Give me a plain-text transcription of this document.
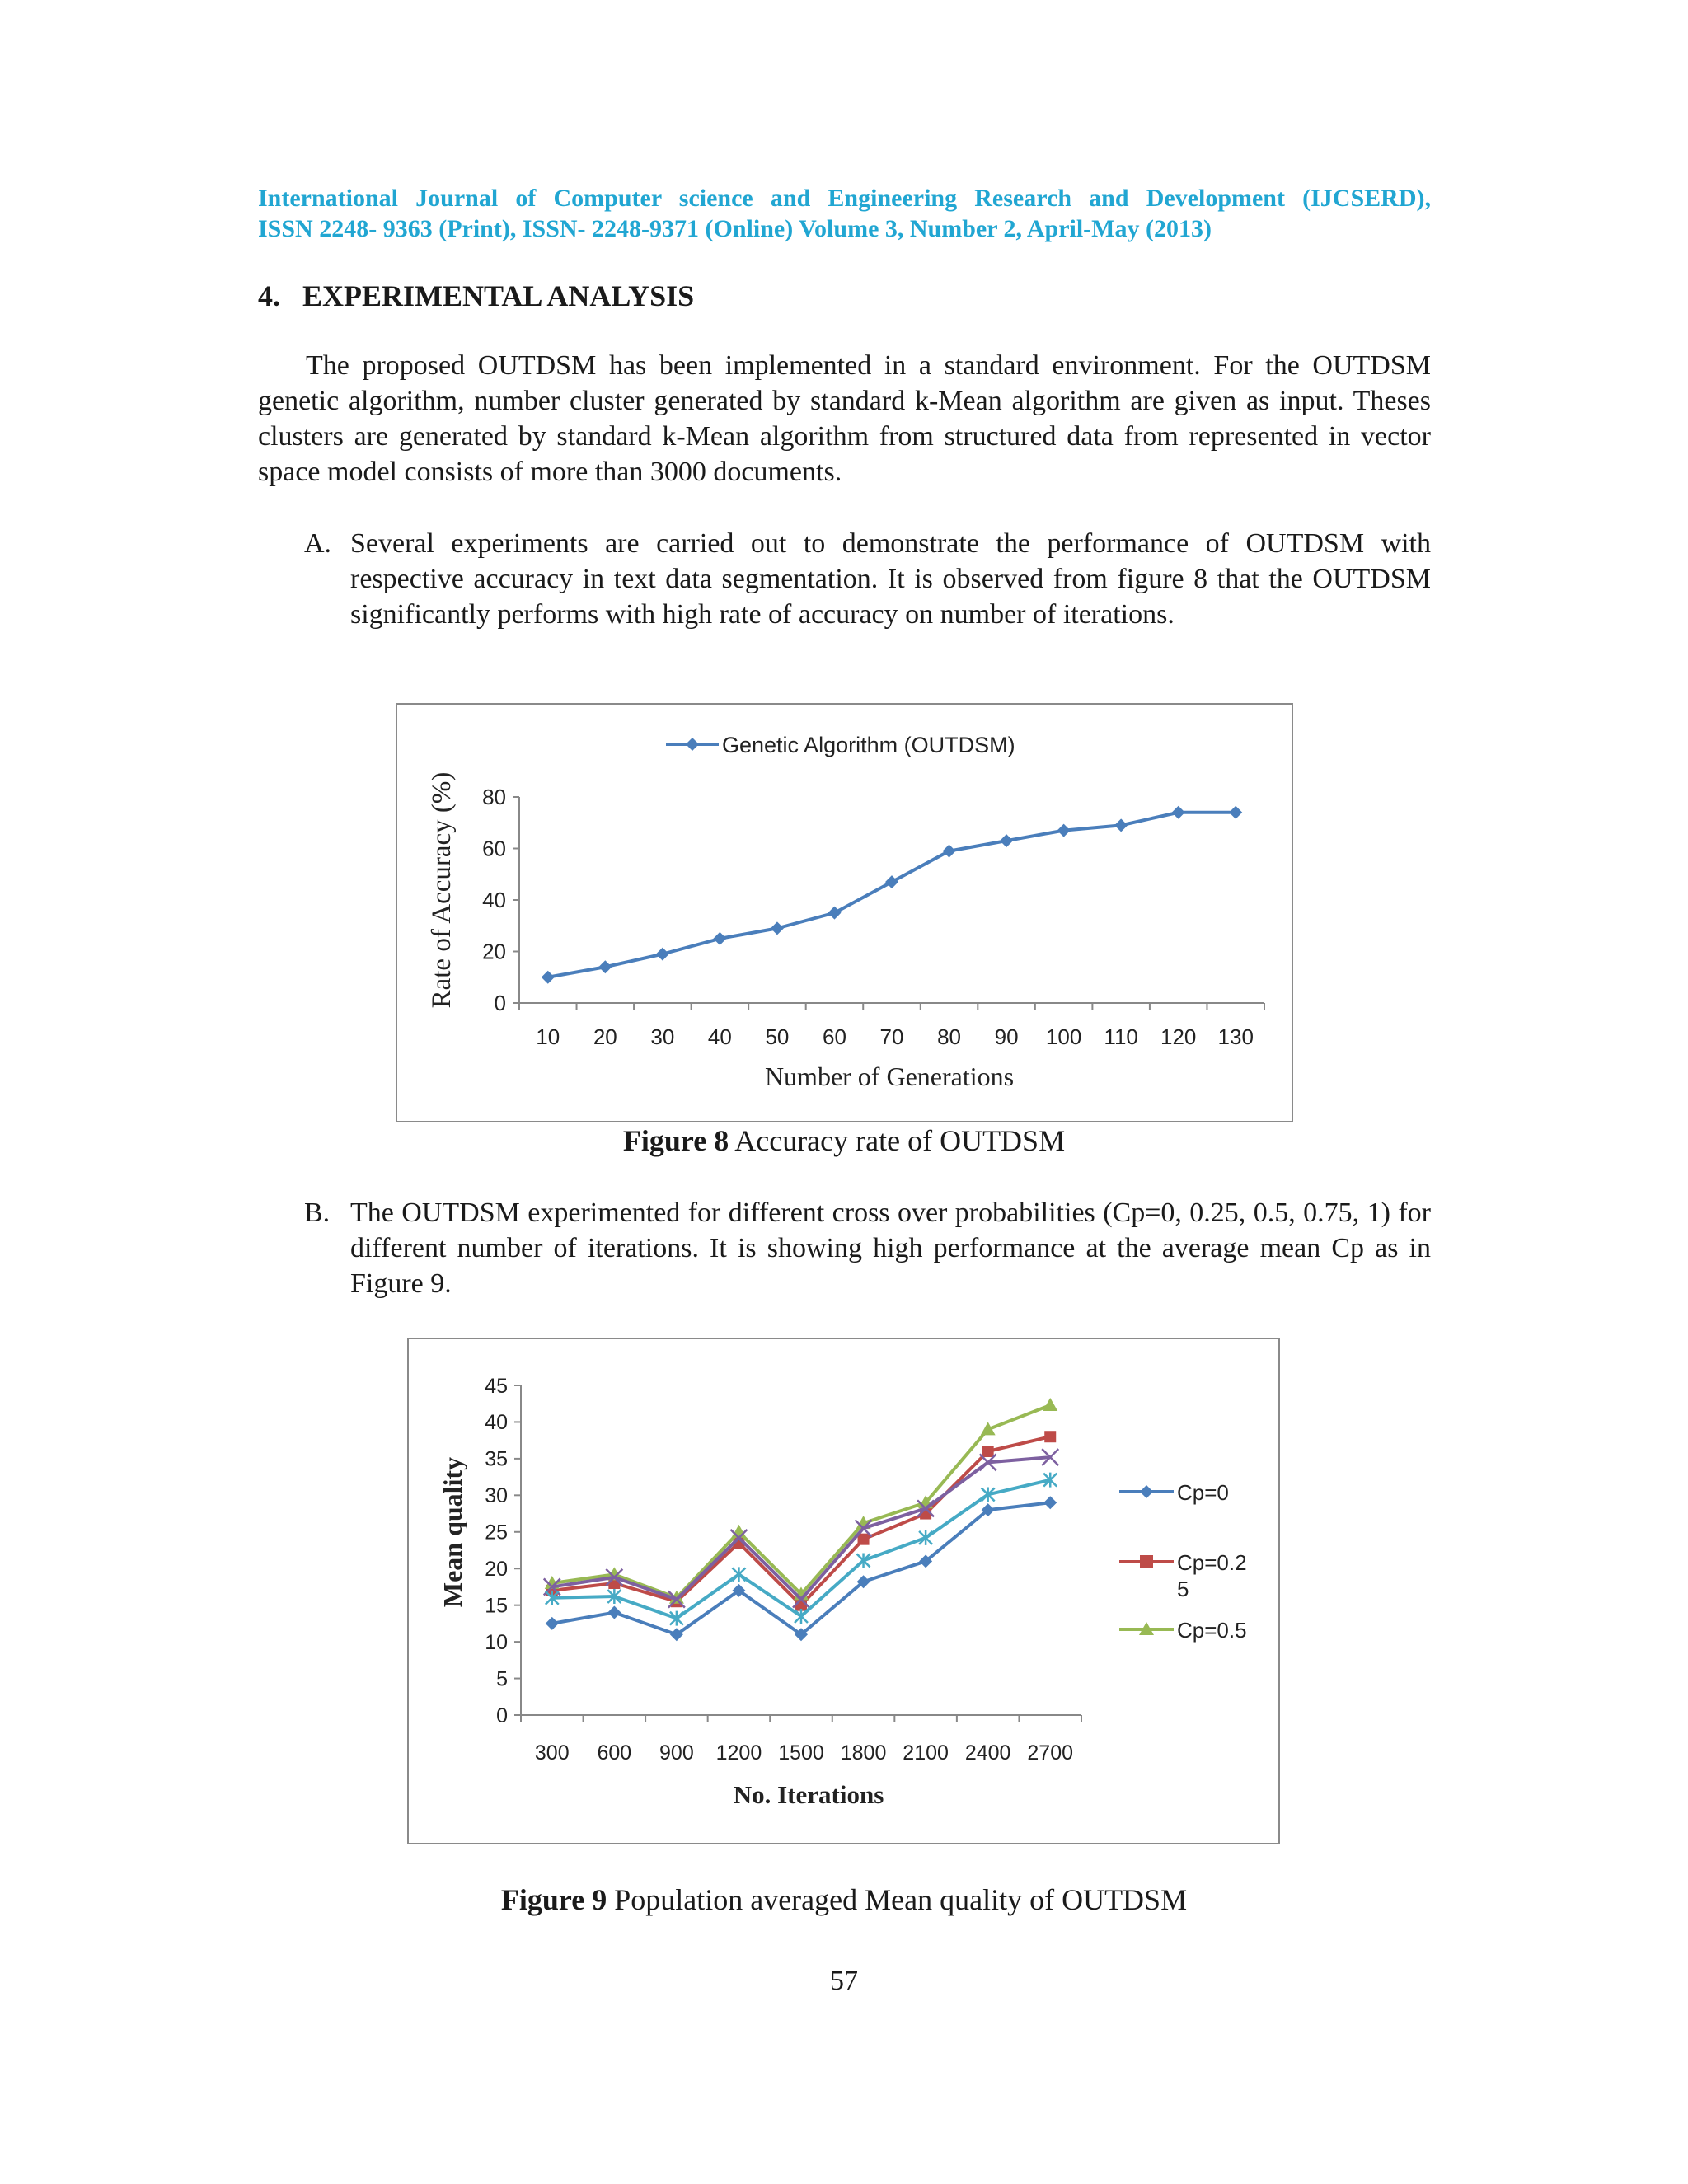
International Journal of Computer science and Engineering Research and Development (IJCSERD),
ISSN 2248- 9363 (Print), ISSN- 2248-9371 (Online) Volume 3, Number 2, April-May (2013)
4. EXPERIMENTAL ANALYSIS

The proposed OUTDSM has been implemented in a standard environment. For the OUTDSM genetic algorithm, number cluster generated by standard k-Mean algorithm are given as input. Theses clusters are generated by standard k-Mean algorithm from structured data from represented in vector space model consists of more than 3000 documents.

A. Several experiments are carried out to demonstrate the performance of OUTDSM with respective accuracy in text data segmentation. It is observed from figure 8 that the OUTDSM significantly performs with high rate of accuracy on number of iterations.
Genetic Algorithm (OUTDSM)
Rate of Accuracy (%)
Number of Generations
0
20
40
60
80
10 20 30 40 50 60 70 80 90 100 110 120 130
Figure 8 Accuracy rate of OUTDSM
B. The OUTDSM experimented for different cross over probabilities (Cp=0, 0.25, 0.5, 0.75, 1) for different number of iterations. It is showing high performance at the average mean Cp as in Figure 9.
Mean quality
No. Iterations
Cp=0
Cp=0.2
5
Cp=0.5
0
5
10
15
20
25
30
35
40
45
300 600 900 1200 1500 1800 2100 2400 2700
Figure 9 Population averaged Mean quality of OUTDSM
57
